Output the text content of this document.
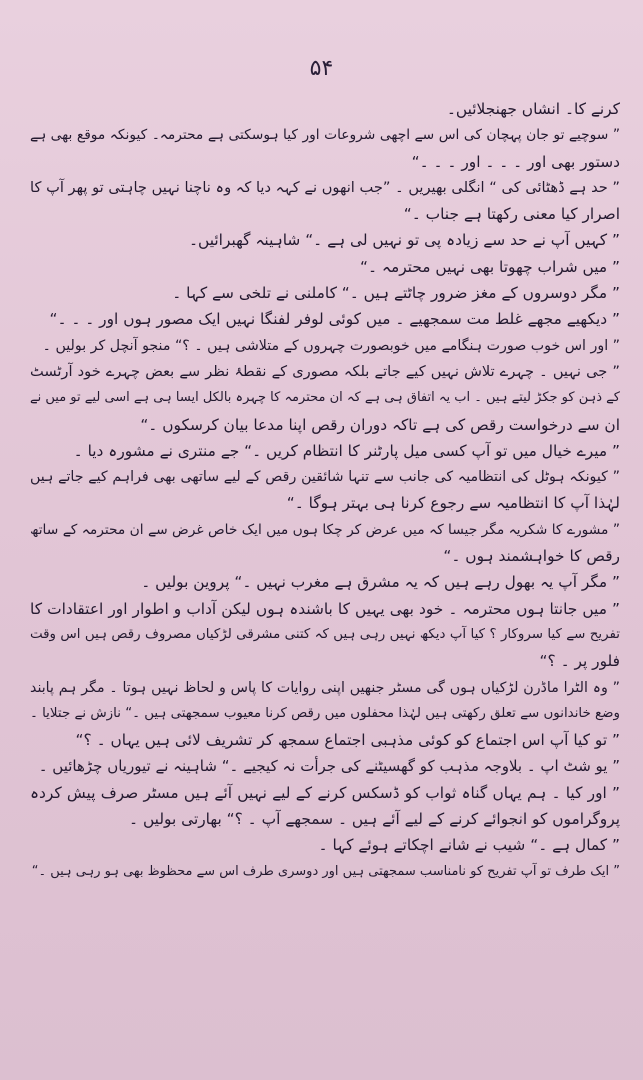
۵۴
کرنے کا۔ انشاں جھنجلائیں۔
” سوچیے تو جان پہچان کی اس سے اچھی شروعات اور کیا ہوسکتی ہے محترمہ۔ کیونکہ موقع بھی ہے
دستور بھی اور ۔ ۔ ۔ اور ۔ ۔ ۔“
” حد ہے ڈھٹائی کی “ انگلی بھیریں ۔ ”جب انھوں نے کہہ دیا کہ وہ ناچنا نہیں چاہتی تو پھر آپ کا
اصرار کیا معنی رکھتا ہے جناب ۔“
” کہیں آپ نے حد سے زیادہ پی تو نہیں لی ہے ۔“ شاہینہ گھبرائیں۔
” میں شراب چھوتا بھی نہیں محترمہ ۔“
” مگر دوسروں کے مغز ضرور چاٹتے ہیں ۔“ کاملنی نے تلخی سے کہا ۔
” دیکھیے مجھے غلط مت سمجھیے ۔ میں کوئی لوفر لفنگا نہیں ایک مصور ہوں اور ۔ ۔ ۔“
” اور اس خوب صورت ہنگامے میں خوبصورت چہروں کے متلاشی ہیں ۔ ؟“ منجو آنچل کر بولیں ۔
” جی نہیں ۔ چہرے تلاش نہیں کیے جاتے بلکہ مصوری کے نقطۂ نظر سے بعض چہرے خود آرٹسٹ
کے ذہن کو جکڑ لیتے ہیں ۔ اب یہ اتفاق ہی ہے کہ ان محترمہ کا چہرہ بالکل ایسا ہی ہے اسی لیے تو میں نے
ان سے درخواست رقص کی ہے تاکہ دوران رقص اپنا مدعا بیان کرسکوں ۔“
” میرے خیال میں تو آپ کسی میل پارٹنر کا انتظام کریں ۔“ جے منتری نے مشورہ دیا ۔
” کیونکہ ہوٹل کی انتظامیہ کی جانب سے تنہا شائقین رقص کے لیے ساتھی بھی فراہم کیے جاتے ہیں
لہٰذا آپ کا انتظامیہ سے رجوع کرنا ہی بہتر ہوگا ۔“
” مشورے کا شکریہ مگر جیسا کہ میں عرض کر چکا ہوں میں ایک خاص غرض سے ان محترمہ کے ساتھ
رقص کا خواہشمند ہوں ۔“
” مگر آپ یہ بھول رہے ہیں کہ یہ مشرق ہے مغرب نہیں ۔“ پروین بولیں ۔
” میں جانتا ہوں محترمہ ۔ خود بھی یہیں کا باشندہ ہوں لیکن آداب و اطوار اور اعتقادات کا
تفریح سے کیا سروکار ؟ کیا آپ دیکھ نہیں رہی ہیں کہ کتنی مشرقی لڑکیاں مصروف رقص ہیں اس وقت
فلور پر ۔ ؟“
” وہ الٹرا ماڈرن لڑکیاں ہوں گی مسٹر جنھیں اپنی روایات کا پاس و لحاظ نہیں ہوتا ۔ مگر ہم پابند
وضع خاندانوں سے تعلق رکھتی ہیں لہٰذا محفلوں میں رقص کرنا معیوب سمجھتی ہیں ۔“ نازش نے جتلایا ۔
” تو کیا آپ اس اجتماع کو کوئی مذہبی اجتماع سمجھ کر تشریف لائی ہیں یہاں ۔ ؟“
” یو شٹ اپ ۔ بلاوجہ مذہب کو گھسیٹنے کی جرأت نہ کیجیے ۔“ شاہینہ نے تیوریاں چڑھائیں ۔
” اور کیا ۔ ہم یہاں گناہ ثواب کو ڈسکس کرنے کے لیے نہیں آئے ہیں مسٹر صرف پیش کردہ
پروگراموں کو انجوائے کرنے کے لیے آئے ہیں ۔ سمجھے آپ ۔ ؟“ بھارتی بولیں ۔
” کمال ہے ۔“ شیب نے شانے اچکاتے ہوئے کہا ۔
” ایک طرف تو آپ تفریح کو نامناسب سمجھتی ہیں اور دوسری طرف اس سے محظوظ بھی ہو رہی ہیں ۔“
